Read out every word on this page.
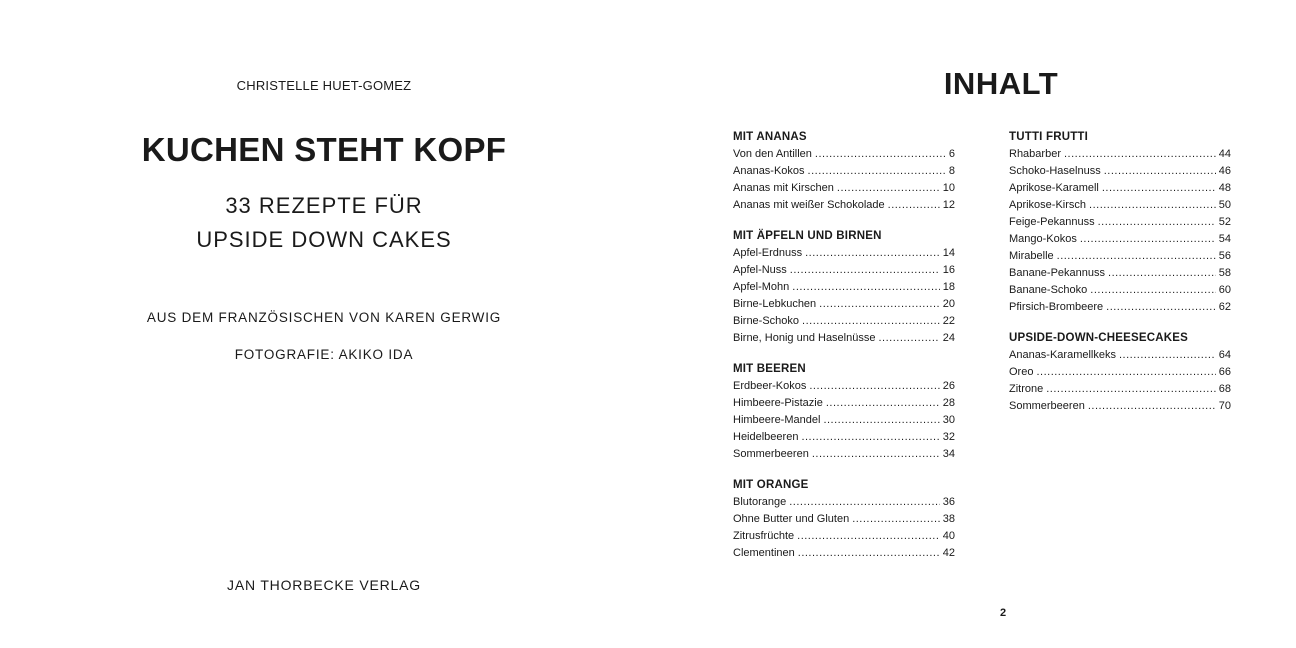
CHRISTELLE HUET-GOMEZ
KUCHEN STEHT KOPF
33 REZEPTE FÜR
UPSIDE DOWN CAKES
AUS DEM FRANZÖSISCHEN VON KAREN GERWIG
FOTOGRAFIE: AKIKO IDA
JAN THORBECKE VERLAG
INHALT
MIT ANANAS
Von den Antillen .....	6
Ananas-Kokos .....	8
Ananas mit Kirschen .....	10
Ananas mit weißer Schokolade .....	12
MIT ÄPFELN UND BIRNEN
Apfel-Erdnuss .....	14
Apfel-Nuss .....	16
Apfel-Mohn .....	18
Birne-Lebkuchen .....	20
Birne-Schoko .....	22
Birne, Honig und Haselnüsse .....	24
MIT BEEREN
Erdbeer-Kokos .....	26
Himbeere-Pistazie .....	28
Himbeere-Mandel .....	30
Heidelbeeren .....	32
Sommerbeeren .....	34
MIT ORANGE
Blutorange .....	36
Ohne Butter und Gluten .....	38
Zitrusfrüchte .....	40
Clementinen .....	42
TUTTI FRUTTI
Rhabarber .....	44
Schoko-Haselnuss .....	46
Aprikose-Karamell .....	48
Aprikose-Kirsch .....	50
Feige-Pekannuss .....	52
Mango-Kokos .....	54
Mirabelle .....	56
Banane-Pekannuss .....	58
Banane-Schoko .....	60
Pfirsich-Brombeere .....	62
UPSIDE-DOWN-CHEESECAKES
Ananas-Karamellkeks .....	64
Oreo .....	66
Zitrone .....	68
Sommerbeeren .....	70
2
